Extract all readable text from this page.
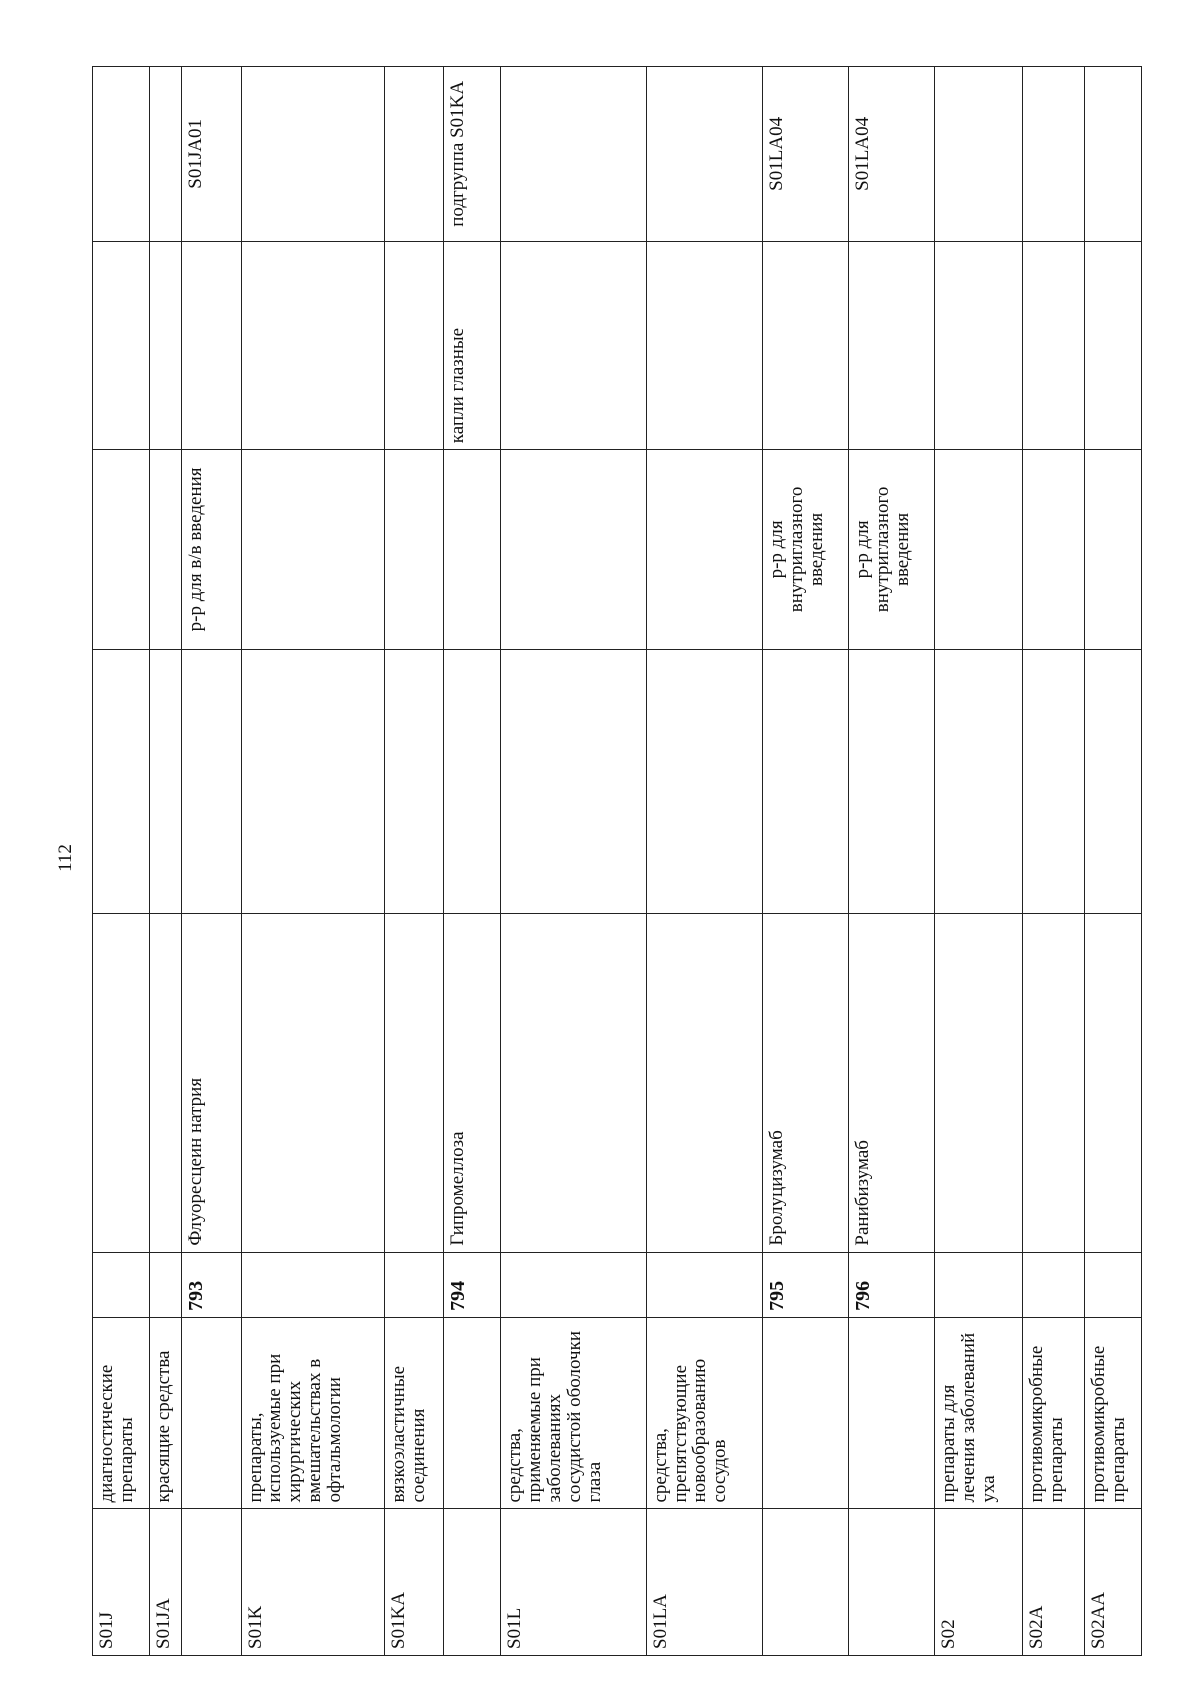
112
S01J	диагностические препараты						
S01JA	красящие средства						
		793	Флуоресцеин натрия		р-р для в/в введения		S01JA01
S01K	препараты, используемые при хирургических вмешательствах в офтальмологии						
S01KA	вязкоэластичные соединения						
		794	Гипромеллоза			капли глазные	подгруппа S01KA
S01L	средства, применяемые при заболеваниях сосудистой оболочки глаза						
S01LA	средства, препятствующие новообразованию сосудов						
		795	Бролуцизумаб		р-р для внутриглазного введения		S01LA04
		796	Ранибизумаб		р-р для внутриглазного введения		S01LA04
S02	препараты для лечения заболеваний уха						
S02A	противомикробные препараты						
S02AA	противомикробные препараты						
